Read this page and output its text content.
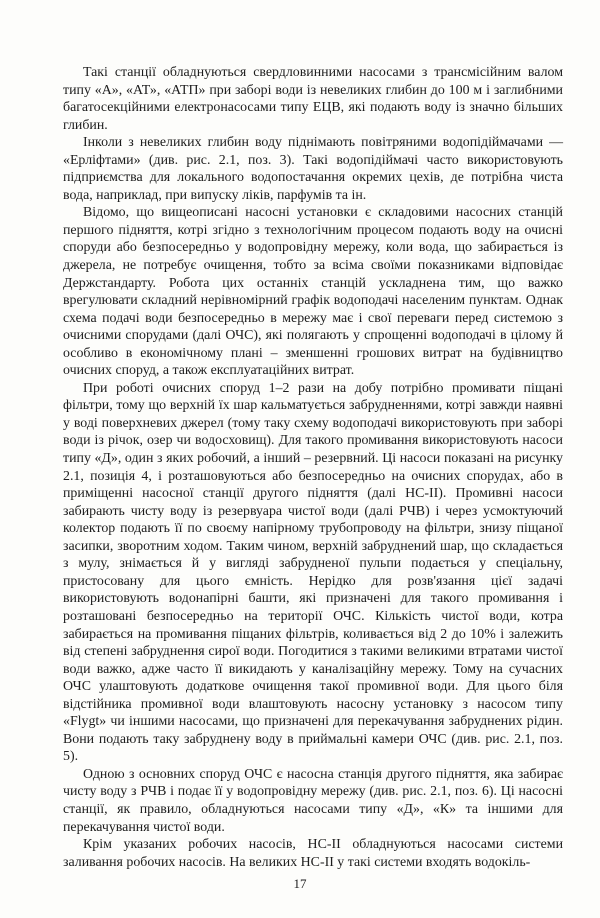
Такі станції обладнуються свердловинними насосами з трансмісійним валом типу «А», «АТ», «АТП» при заборі води із невеликих глибин до 100 м і заглибними багатосекційними електронасосами типу ЕЦВ, які подають воду із значно більших глибин.

Інколи з невеликих глибин воду піднімають повітряними водопідіймачами — «Ерліфтами» (див. рис. 2.1, поз. 3). Такі водопідіймачі часто використовують підприємства для локального водопостачання окремих цехів, де потрібна чиста вода, наприклад, при випуску ліків, парфумів та ін.

Відомо, що вищеописані насосні установки є складовими насосних станцій першого підняття, котрі згідно з технологічним процесом подають воду на очисні споруди або безпосередньо у водопровідну мережу, коли вода, що забирається із джерела, не потребує очищення, тобто за всіма своїми показниками відповідає Держстандарту. Робота цих останніх станцій ускладнена тим, що важко врегулювати складний нерівномірний графік водоподачі населеним пунктам. Однак схема подачі води безпосередньо в мережу має і свої переваги перед системою з очисними спорудами (далі ОЧС), які полягають у спрощенні водоподачі в цілому й особливо в економічному плані – зменшенні грошових витрат на будівництво очисних споруд, а також експлуатаційних витрат.

При роботі очисних споруд 1–2 рази на добу потрібно промивати піщані фільтри, тому що верхній їх шар кальматується забрудненнями, котрі завжди наявні у воді поверхневих джерел (тому таку схему водоподачі використовують при заборі води із річок, озер чи водосховищ). Для такого промивання використовують насоси типу «Д», один з яких робочий, а інший – резервний. Ці насоси показані на рисунку 2.1, позиція 4, і розташовуються або безпосередньо на очисних спорудах, або в приміщенні насосної станції другого підняття (далі НС-ІІ). Промивні насоси забирають чисту воду із резервуара чистої води (далі РЧВ) і через усмоктуючий колектор подають її по своєму напірному трубопроводу на фільтри, знизу піщаної засипки, зворотним ходом. Таким чином, верхній забруднений шар, що складається з мулу, знімається й у вигляді забрудненої пульпи подається у спеціальну, пристосовану для цього ємність. Нерідко для розв'язання цієї задачі використовують водонапірні башти, які призначені для такого промивання і розташовані безпосередньо на території ОЧС. Кількість чистої води, котра забирається на промивання піщаних фільтрів, коливається від 2 до 10% і залежить від степені забруднення сирої води. Погодитися з такими великими втратами чистої води важко, адже часто її викидають у каналізаційну мережу. Тому на сучасних ОЧС улаштовують додаткове очищення такої промивної води. Для цього біля відстійника промивної води влаштовують насосну установку з насосом типу «Flygt» чи іншими насосами, що призначені для перекачування забруднених рідин. Вони подають таку забруднену воду в приймальні камери ОЧС (див. рис. 2.1, поз. 5).

Одною з основних споруд ОЧС є насосна станція другого підняття, яка забирає чисту воду з РЧВ і подає її у водопровідну мережу (див. рис. 2.1, поз. 6). Ці насосні станції, як правило, обладнуються насосами типу «Д», «К» та іншими для перекачування чистої води.

Крім указаних робочих насосів, НС-ІІ обладнуються насосами системи заливання робочих насосів. На великих НС-ІІ у такі системи входять водокіль-

17
